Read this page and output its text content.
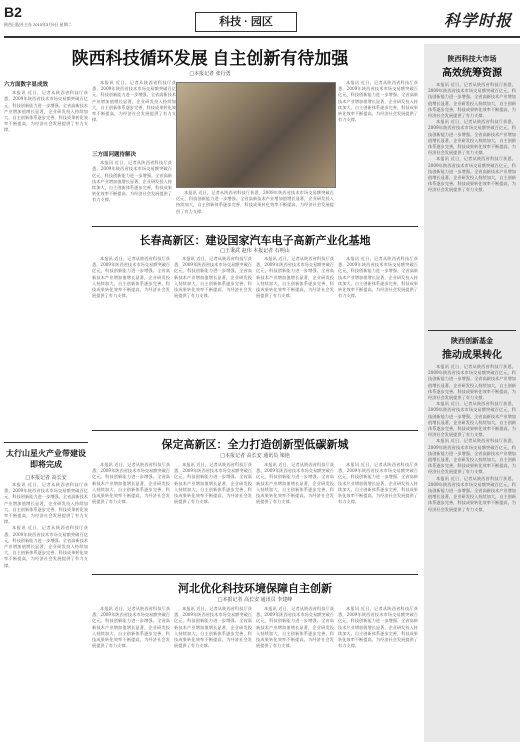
B2
陕西日报社主办 2010年3月9日 星期二	科技 · 园区	科学时报
陕西科技循环发展 自主创新有待加强
□本报记者 张行勇
六方面数字显成效

本报讯 近日，记者从陕西省科技厅获悉，2009年陕西省技术市场交易额突破百亿元，科技创新能力进一步增强。全省高新技术产业增加值增长显著，企业研发投入持续加大，自主创新体系逐步完善，科技成果转化效率不断提高，为经济社会发展提供了有力支撑。

本报讯 近日，记者从陕西省科技厅获悉，2009年陕西省技术市场交易额突破百亿元，科技创新能力进一步增强。全省高新技术产业增加值增长显著，企业研发投入持续加大，自主创新体系逐步完善，科技成果转化效率不断提高，为经济社会发展提供了有力支撑。

三方面问题待解决

本报讯 近日，记者从陕西省科技厅获悉，2009年陕西省技术市场交易额突破百亿元，科技创新能力进一步增强。全省高新技术产业增加值增长显著，企业研发投入持续加大，自主创新体系逐步完善，科技成果转化效率不断提高，为经济社会发展提供了有力支撑。

本报讯 近日，记者从陕西省科技厅获悉，2009年陕西省技术市场交易额突破百亿元，科技创新能力进一步增强。全省高新技术产业增加值增长显著，企业研发投入持续加大，自主创新体系逐步完善，科技成果转化效率不断提高，为经济社会发展提供了有力支撑。

本报讯 近日，记者从陕西省科技厅获悉，2009年陕西省技术市场交易额突破百亿元，科技创新能力进一步增强。全省高新技术产业增加值增长显著，企业研发投入持续加大，自主创新体系逐步完善，科技成果转化效率不断提高，为经济社会发展提供了有力支撑。

长春高新区：建设国家汽车电子高新产业化基地
□王秉武 赵伟 本报记者 石明山

本报讯 近日，记者从陕西省科技厅获悉，2009年陕西省技术市场交易额突破百亿元，科技创新能力进一步增强。全省高新技术产业增加值增长显著，企业研发投入持续加大，自主创新体系逐步完善，科技成果转化效率不断提高，为经济社会发展提供了有力支撑。

本报讯 近日，记者从陕西省科技厅获悉，2009年陕西省技术市场交易额突破百亿元，科技创新能力进一步增强。全省高新技术产业增加值增长显著，企业研发投入持续加大，自主创新体系逐步完善，科技成果转化效率不断提高，为经济社会发展提供了有力支撑。

本报讯 近日，记者从陕西省科技厅获悉，2009年陕西省技术市场交易额突破百亿元，科技创新能力进一步增强。全省高新技术产业增加值增长显著，企业研发投入持续加大，自主创新体系逐步完善，科技成果转化效率不断提高，为经济社会发展提供了有力支撑。

本报讯 近日，记者从陕西省科技厅获悉，2009年陕西省技术市场交易额突破百亿元，科技创新能力进一步增强。全省高新技术产业增加值增长显著，企业研发投入持续加大，自主创新体系逐步完善，科技成果转化效率不断提高，为经济社会发展提供了有力支撑。

太行山星火产业带建设即将完成
□本报记者 高长安

本报讯 近日，记者从陕西省科技厅获悉，2009年陕西省技术市场交易额突破百亿元，科技创新能力进一步增强。全省高新技术产业增加值增长显著，企业研发投入持续加大，自主创新体系逐步完善，科技成果转化效率不断提高，为经济社会发展提供了有力支撑。

本报讯 近日，记者从陕西省科技厅获悉，2009年陕西省技术市场交易额突破百亿元，科技创新能力进一步增强。全省高新技术产业增加值增长显著，企业研发投入持续加大，自主创新体系逐步完善，科技成果转化效率不断提高，为经济社会发展提供了有力支撑。

保定高新区：全力打造创新型低碳新城
□本报记者 高长安 通讯员 梁艳

本报讯 近日，记者从陕西省科技厅获悉，2009年陕西省技术市场交易额突破百亿元，科技创新能力进一步增强。全省高新技术产业增加值增长显著，企业研发投入持续加大，自主创新体系逐步完善，科技成果转化效率不断提高，为经济社会发展提供了有力支撑。

本报讯 近日，记者从陕西省科技厅获悉，2009年陕西省技术市场交易额突破百亿元，科技创新能力进一步增强。全省高新技术产业增加值增长显著，企业研发投入持续加大，自主创新体系逐步完善，科技成果转化效率不断提高，为经济社会发展提供了有力支撑。

本报讯 近日，记者从陕西省科技厅获悉，2009年陕西省技术市场交易额突破百亿元，科技创新能力进一步增强。全省高新技术产业增加值增长显著，企业研发投入持续加大，自主创新体系逐步完善，科技成果转化效率不断提高，为经济社会发展提供了有力支撑。

本报讯 近日，记者从陕西省科技厅获悉，2009年陕西省技术市场交易额突破百亿元，科技创新能力进一步增强。全省高新技术产业增加值增长显著，企业研发投入持续加大，自主创新体系逐步完善，科技成果转化效率不断提高，为经济社会发展提供了有力支撑。

河北优化科技环境保障自主创新
□本报记者 高长安 通讯员 李建峰

本报讯 近日，记者从陕西省科技厅获悉，2009年陕西省技术市场交易额突破百亿元，科技创新能力进一步增强。全省高新技术产业增加值增长显著，企业研发投入持续加大，自主创新体系逐步完善，科技成果转化效率不断提高，为经济社会发展提供了有力支撑。

本报讯 近日，记者从陕西省科技厅获悉，2009年陕西省技术市场交易额突破百亿元，科技创新能力进一步增强。全省高新技术产业增加值增长显著，企业研发投入持续加大，自主创新体系逐步完善，科技成果转化效率不断提高，为经济社会发展提供了有力支撑。

本报讯 近日，记者从陕西省科技厅获悉，2009年陕西省技术市场交易额突破百亿元，科技创新能力进一步增强。全省高新技术产业增加值增长显著，企业研发投入持续加大，自主创新体系逐步完善，科技成果转化效率不断提高，为经济社会发展提供了有力支撑。

本报讯 近日，记者从陕西省科技厅获悉，2009年陕西省技术市场交易额突破百亿元，科技创新能力进一步增强。全省高新技术产业增加值增长显著，企业研发投入持续加大，自主创新体系逐步完善，科技成果转化效率不断提高，为经济社会发展提供了有力支撑。

陕西科技大市场
高效统筹资源

本报讯 近日，记者从陕西省科技厅获悉，2009年陕西省技术市场交易额突破百亿元，科技创新能力进一步增强。全省高新技术产业增加值增长显著，企业研发投入持续加大，自主创新体系逐步完善，科技成果转化效率不断提高，为经济社会发展提供了有力支撑。

本报讯 近日，记者从陕西省科技厅获悉，2009年陕西省技术市场交易额突破百亿元，科技创新能力进一步增强。全省高新技术产业增加值增长显著，企业研发投入持续加大，自主创新体系逐步完善，科技成果转化效率不断提高，为经济社会发展提供了有力支撑。

本报讯 近日，记者从陕西省科技厅获悉，2009年陕西省技术市场交易额突破百亿元，科技创新能力进一步增强。全省高新技术产业增加值增长显著，企业研发投入持续加大，自主创新体系逐步完善，科技成果转化效率不断提高，为经济社会发展提供了有力支撑。

陕西创新基金
推动成果转化

本报讯 近日，记者从陕西省科技厅获悉，2009年陕西省技术市场交易额突破百亿元，科技创新能力进一步增强。全省高新技术产业增加值增长显著，企业研发投入持续加大，自主创新体系逐步完善，科技成果转化效率不断提高，为经济社会发展提供了有力支撑。

本报讯 近日，记者从陕西省科技厅获悉，2009年陕西省技术市场交易额突破百亿元，科技创新能力进一步增强。全省高新技术产业增加值增长显著，企业研发投入持续加大，自主创新体系逐步完善，科技成果转化效率不断提高，为经济社会发展提供了有力支撑。

本报讯 近日，记者从陕西省科技厅获悉，2009年陕西省技术市场交易额突破百亿元，科技创新能力进一步增强。全省高新技术产业增加值增长显著，企业研发投入持续加大，自主创新体系逐步完善，科技成果转化效率不断提高，为经济社会发展提供了有力支撑。

本报讯 近日，记者从陕西省科技厅获悉，2009年陕西省技术市场交易额突破百亿元，科技创新能力进一步增强。全省高新技术产业增加值增长显著，企业研发投入持续加大，自主创新体系逐步完善，科技成果转化效率不断提高，为经济社会发展提供了有力支撑。
